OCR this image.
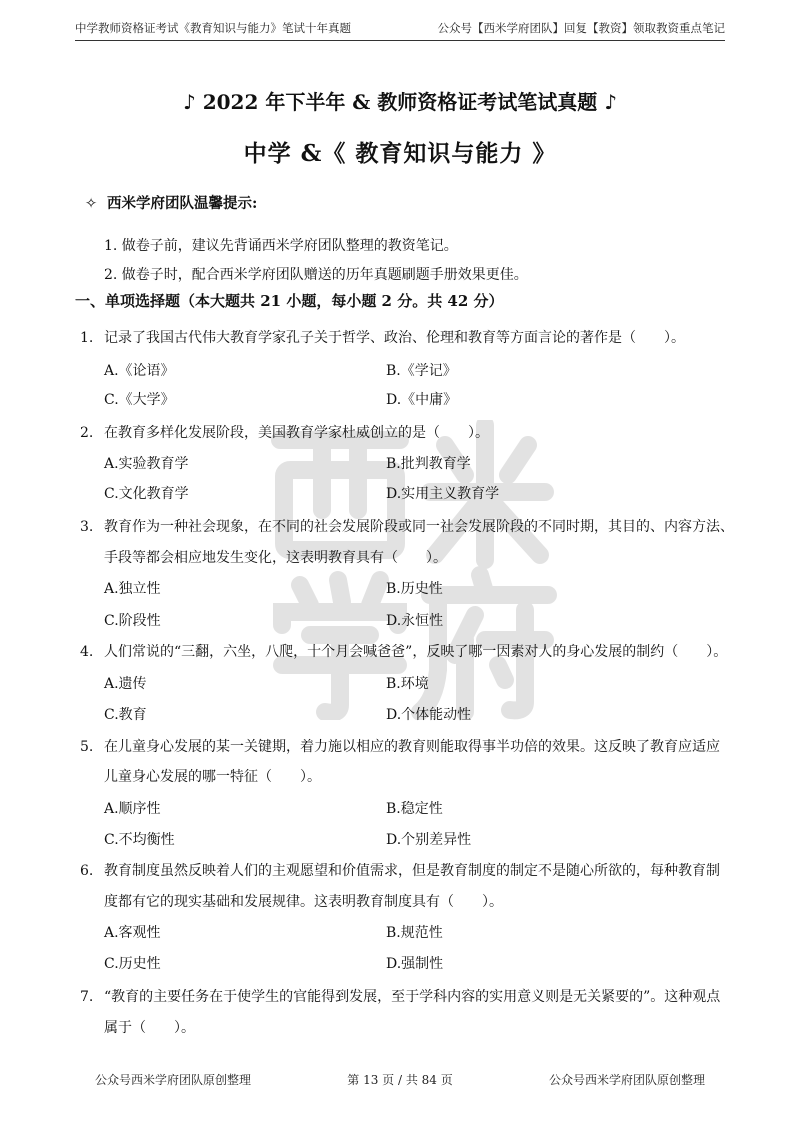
中学教师资格证考试《教育知识与能力》笔试十年真题	公众号【西米学府团队】回复【教资】领取教资重点笔记
♪ 2022 年下半年 & 教师资格证考试笔试真题 ♪
中学 &《 教育知识与能力 》
✧ 西米学府团队温馨提示:
1. 做卷子前，建议先背诵西米学府团队整理的教资笔记。
2. 做卷子时，配合西米学府团队赠送的历年真题刷题手册效果更佳。
一、单项选择题（本大题共 21 小题，每小题 2 分。共 42 分）
1. 记录了我国古代伟大教育学家孔子关于哲学、政治、伦理和教育等方面言论的著作是（　　）。
A.《论语》	B.《学记》
C.《大学》	D.《中庸》
2. 在教育多样化发展阶段，美国教育学家杜威创立的是（　　）。
A.实验教育学	B.批判教育学
C.文化教育学	D.实用主义教育学
3. 教育作为一种社会现象，在不同的社会发展阶段或同一社会发展阶段的不同时期，其目的、内容方法、
手段等都会相应地发生变化，这表明教育具有（　　）。
A.独立性	B.历史性
C.阶段性	D.永恒性
4. 人们常说的“三翻，六坐，八爬，十个月会喊爸爸”，反映了哪一因素对人的身心发展的制约（　　）。
A.遗传	B.环境
C.教育	D.个体能动性
5. 在儿童身心发展的某一关键期，着力施以相应的教育则能取得事半功倍的效果。这反映了教育应适应
儿童身心发展的哪一特征（　　）。
A.顺序性	B.稳定性
C.不均衡性	D.个别差异性
6. 教育制度虽然反映着人们的主观愿望和价值需求，但是教育制度的制定不是随心所欲的，每种教育制
度都有它的现实基础和发展规律。这表明教育制度具有（　　）。
A.客观性	B.规范性
C.历史性	D.强制性
7. “教育的主要任务在于使学生的官能得到发展，至于学科内容的实用意义则是无关紧要的”。这种观点
属于（　　）。
公众号西米学府团队原创整理	第 13 页 / 共 84 页	公众号西米学府团队原创整理
